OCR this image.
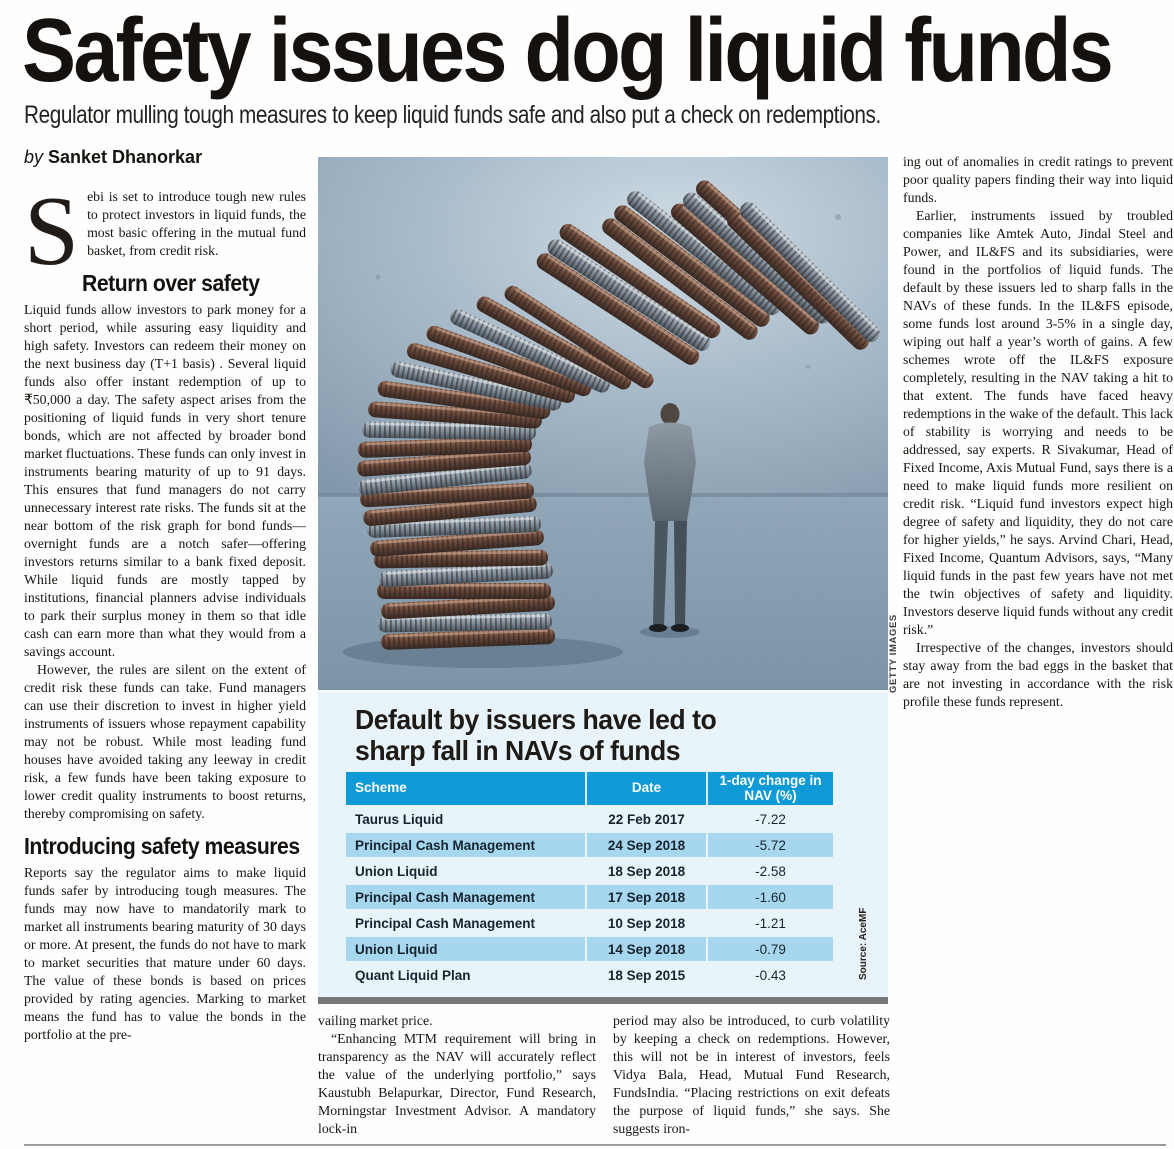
Safety issues dog liquid funds
Regulator mulling tough measures to keep liquid funds safe and also put a check on redemptions.
by Sanket Dhanorkar

Sebi is set to introduce tough new rules to protect investors in liquid funds, the most basic offering in the mutual fund basket, from credit risk.

Return over safety

Liquid funds allow investors to park money for a short period, while assuring easy liquidity and high safety. Investors can redeem their money on the next business day (T+1 basis) . Several liquid funds also offer instant redemption of up to ₹50,000 a day. The safety aspect arises from the positioning of liquid funds in very short tenure bonds, which are not affected by broader bond market fluctuations. These funds can only invest in instruments bearing maturity of up to 91 days. This ensures that fund managers do not carry unnecessary interest rate risks. The funds sit at the near bottom of the risk graph for bond funds—overnight funds are a notch safer—offering investors returns similar to a bank fixed deposit. While liquid funds are mostly tapped by institutions, financial planners advise individuals to park their surplus money in them so that idle cash can earn more than what they would from a savings account.

However, the rules are silent on the extent of credit risk these funds can take. Fund managers can use their discretion to invest in higher yield instruments of issuers whose repayment capability may not be robust. While most leading fund houses have avoided taking any leeway in credit risk, a few funds have been taking exposure to lower credit quality instruments to boost returns, thereby compromising on safety.

Introducing safety measures

Reports say the regulator aims to make liquid funds safer by introducing tough measures. The funds may now have to mandatorily mark to market all instruments bearing maturity of 30 days or more. At present, the funds do not have to mark to market securities that mature under 60 days. The value of these bonds is based on prices provided by rating agencies. Marking to market means the fund has to value the bonds in the portfolio at the pre-

GETTY IMAGES
Default by issuers have led to
sharp fall in NAVs of funds
Scheme	Date	1-day change in NAV (%)
Taurus Liquid	22 Feb 2017	-7.22
Principal Cash Management	24 Sep 2018	-5.72
Union Liquid	18 Sep 2018	-2.58
Principal Cash Management	17 Sep 2018	-1.60
Principal Cash Management	10 Sep 2018	-1.21
Union Liquid	14 Sep 2018	-0.79
Quant Liquid Plan	18 Sep 2015	-0.43	Source: AceMF

vailing market price.

“Enhancing MTM requirement will bring in transparency as the NAV will accurately reflect the value of the underlying portfolio,” says Kaustubh Belapurkar, Director, Fund Research, Morningstar Investment Advisor. A mandatory lock-in

period may also be introduced, to curb volatility by keeping a check on redemptions. However, this will not be in interest of investors, feels Vidya Bala, Head, Mutual Fund Research, FundsIndia. “Placing restrictions on exit defeats the purpose of liquid funds,” she says. She suggests iron-

ing out of anomalies in credit ratings to prevent poor quality papers finding their way into liquid funds.

Earlier, instruments issued by troubled companies like Amtek Auto, Jindal Steel and Power, and IL&FS and its subsidiaries, were found in the portfolios of liquid funds. The default by these issuers led to sharp falls in the NAVs of these funds. In the IL&FS episode, some funds lost around 3-5% in a single day, wiping out half a year’s worth of gains. A few schemes wrote off the IL&FS exposure completely, resulting in the NAV taking a hit to that extent. The funds have faced heavy redemptions in the wake of the default. This lack of stability is worrying and needs to be addressed, say experts. R Sivakumar, Head of Fixed Income, Axis Mutual Fund, says there is a need to make liquid funds more resilient on credit risk. “Liquid fund investors expect high degree of safety and liquidity, they do not care for higher yields,” he says. Arvind Chari, Head, Fixed Income, Quantum Advisors, says, “Many liquid funds in the past few years have not met the twin objectives of safety and liquidity. Investors deserve liquid funds without any credit risk.”

Irrespective of the changes, investors should stay away from the bad eggs in the basket that are not investing in accordance with the risk profile these funds represent.
